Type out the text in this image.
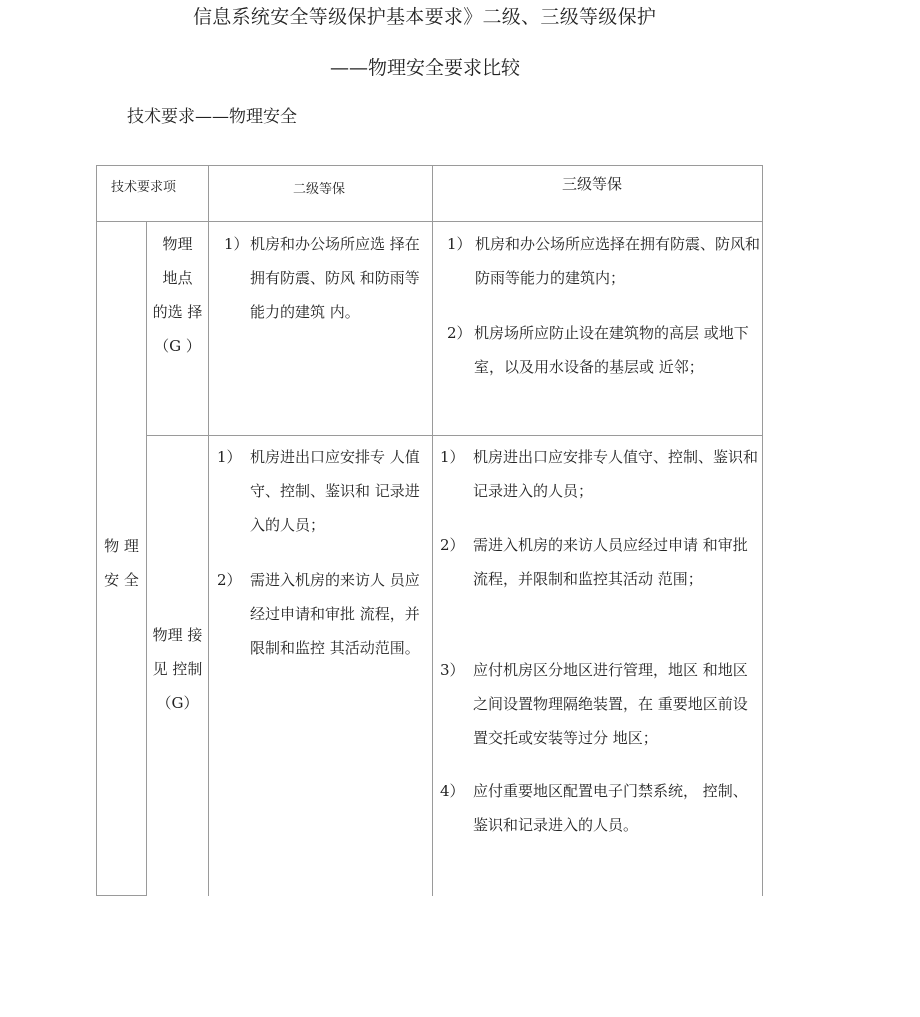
信息系统安全等级保护基本要求》二级、三级等级保护
——物理安全要求比较
技术要求——物理安全
技术要求项	二级等保	三级等保
物 理
安 全
物理
地点
的选 择
（G ）
1） 机房和办公场所应选 择在拥有防震、防风 和防雨等能力的建筑 内。
1） 机房和办公场所应选择在拥有防震、防风和防雨等能力的建筑内；
2） 机房场所应防止设在建筑物的高层 或地下室，以及用水设备的基层或 近邻；
物理 接
见 控制
（G）
1） 机房进出口应安排专 人值守、控制、鉴识和 记录进入的人员；
2） 需进入机房的来访人 员应经过申请和审批 流程，并限制和监控 其活动范围。
1） 机房进出口应安排专人值守、控制、鉴识和记录进入的人员；
2） 需进入机房的来访人员应经过申请 和审批流程，并限制和监控其活动 范围；
3） 应付机房区分地区进行管理，地区 和地区之间设置物理隔绝装置，在 重要地区前设置交托或安装等过分 地区；
4） 应付重要地区配置电子门禁系统， 控制、鉴识和记录进入的人员。
